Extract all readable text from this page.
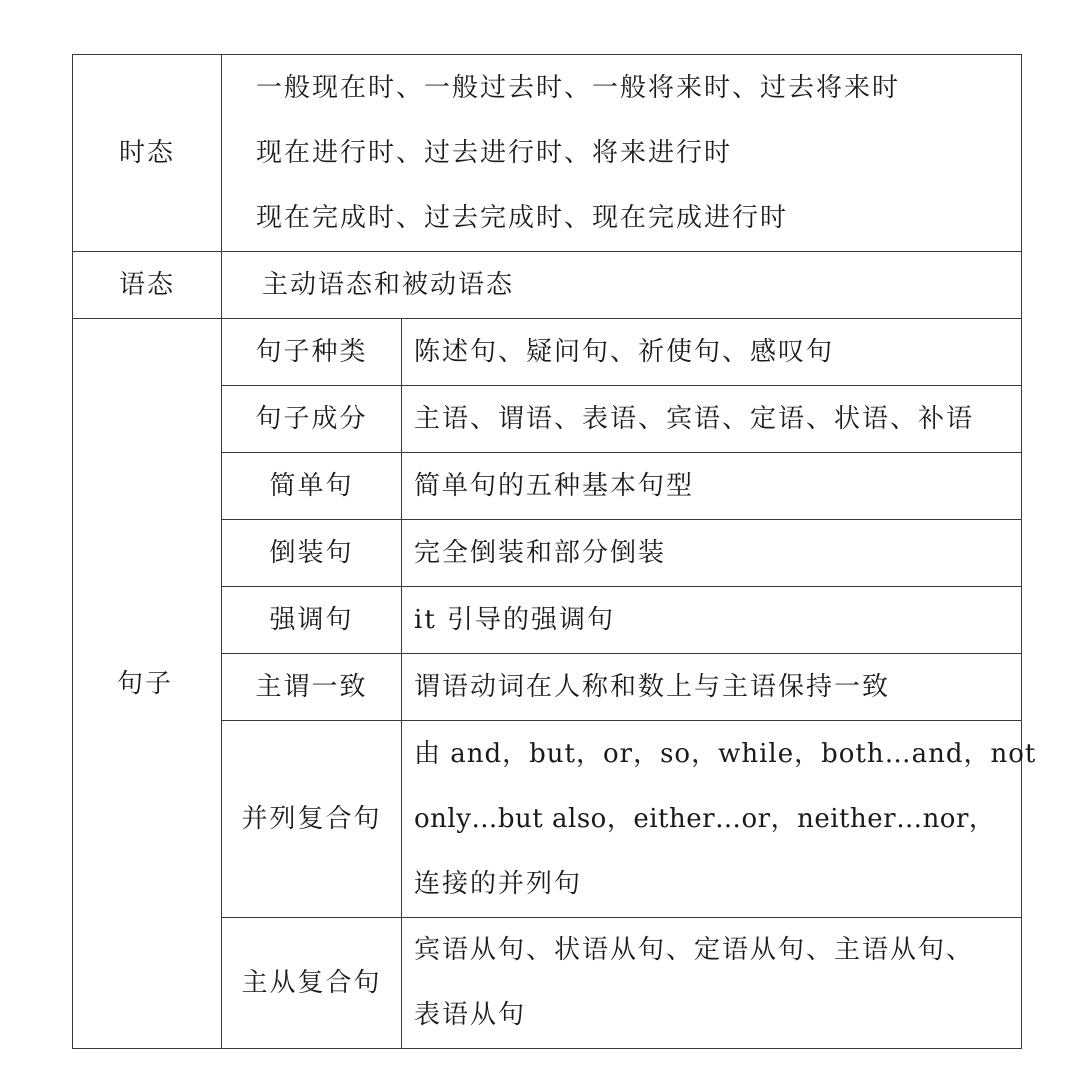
时态	一般现在时、一般过去时、一般将来时、过去将来时
现在进行时、过去进行时、将来进行时
现在完成时、过去完成时、现在完成进行时	

语态	主动语态和被动语态	
句子	句子种类	陈述句、疑问句、祈使句、感叹句
	句子成分	主语、谓语、表语、宾语、定语、状语、补语
	简单句	简单句的五种基本句型
	倒装句	完全倒装和部分倒装
	强调句	it 引导的强调句
	主谓一致	谓语动词在人称和数上与主语保持一致
	并列复合句	由 and，but，or，so，while，both…and，not
only…but also，either…or，neither…nor，
连接的并列句

	主从复合句	宾语从句、状语从句、定语从句、主语从句、
表语从句
